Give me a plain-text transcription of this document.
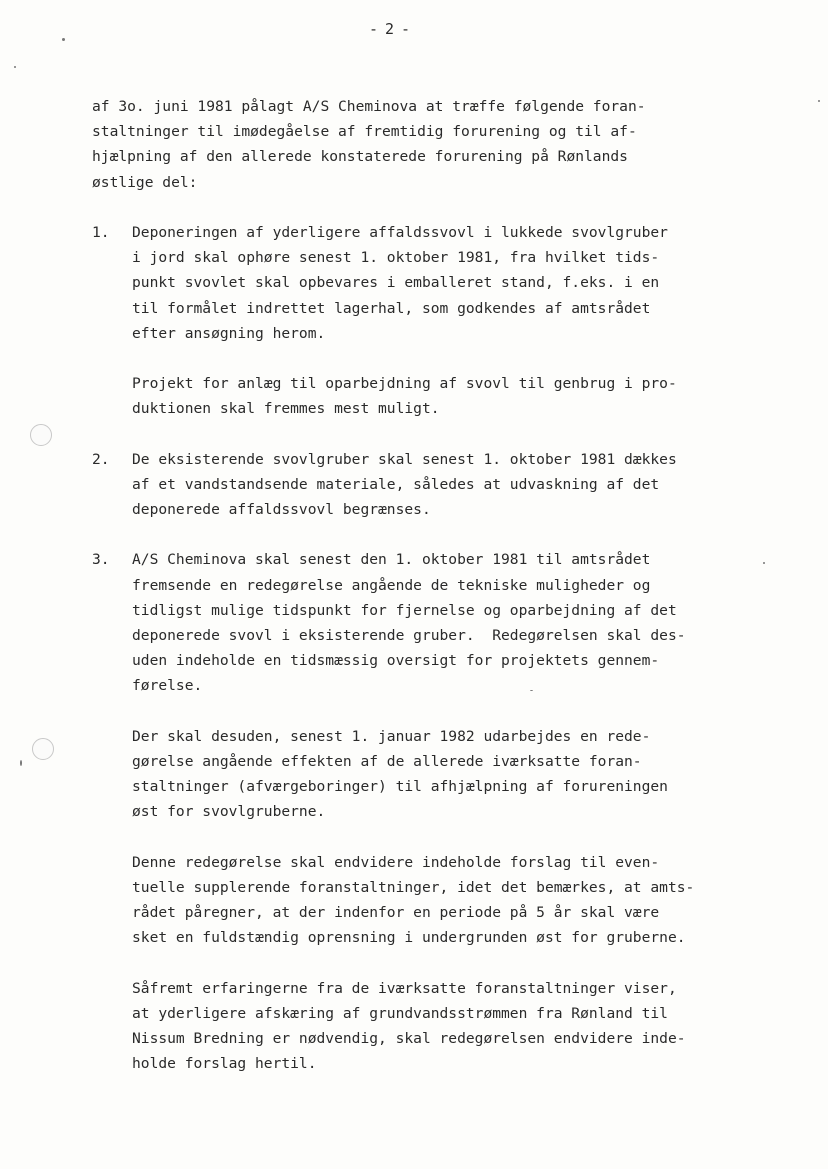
- 2 -
af 3o. juni 1981 pålagt A/S Cheminova at træffe følgende foran-
staltninger til imødegåelse af fremtidig forurening og til af-
hjælpning af den allerede konstaterede forurening på Rønlands
østlige del:
1. Deponeringen af yderligere affaldssvovl i lukkede svovlgruber
i jord skal ophøre senest 1. oktober 1981, fra hvilket tids-
punkt svovlet skal opbevares i emballeret stand, f.eks. i en
til formålet indrettet lagerhal, som godkendes af amtsrådet
efter ansøgning herom.
Projekt for anlæg til oparbejdning af svovl til genbrug i pro-
duktionen skal fremmes mest muligt.
2. De eksisterende svovlgruber skal senest 1. oktober 1981 dækkes
af et vandstandsende materiale, således at udvaskning af det
deponerede affaldssvovl begrænses.
3. A/S Cheminova skal senest den 1. oktober 1981 til amtsrådet
fremsende en redegørelse angående de tekniske muligheder og
tidligst mulige tidspunkt for fjernelse og oparbejdning af det
deponerede svovl i eksisterende gruber.  Redegørelsen skal des-
uden indeholde en tidsmæssig oversigt for projektets gennem-
førelse.
Der skal desuden, senest 1. januar 1982 udarbejdes en rede-
gørelse angående effekten af de allerede iværksatte foran-
staltninger (afværgeboringer) til afhjælpning af forureningen
øst for svovlgruberne.
Denne redegørelse skal endvidere indeholde forslag til even-
tuelle supplerende foranstaltninger, idet det bemærkes, at amts-
rådet påregner, at der indenfor en periode på 5 år skal være
sket en fuldstændig oprensning i undergrunden øst for gruberne.
Såfremt erfaringerne fra de iværksatte foranstaltninger viser,
at yderligere afskæring af grundvandsstrømmen fra Rønland til
Nissum Bredning er nødvendig, skal redegørelsen endvidere inde-
holde forslag hertil.
